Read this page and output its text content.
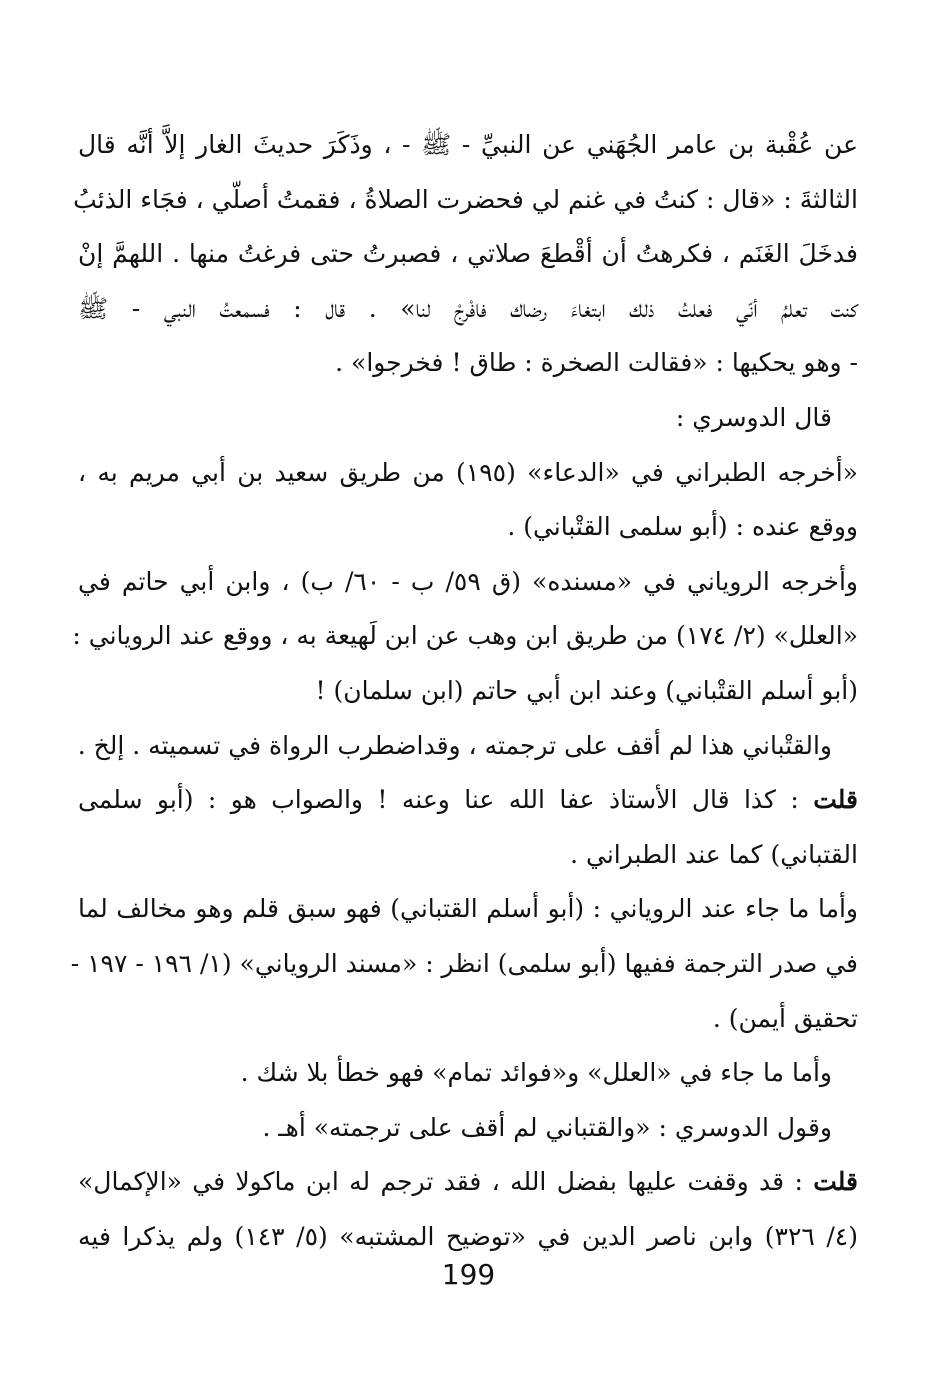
عن عُقْبة بن عامر الجُهَني عن النبيِّ - ﷺ - ، وذَكَرَ حديثَ الغار إلاَّ أنَّه قال
الثالثةَ : «قال : كنتُ في غنم لي فحضرت الصلاةُ ، فقمتُ أصلّي ، فجَاء الذئبُ
فدخَلَ الغَنَم ، فكرهتُ أن أقْطعَ صلاتي ، فصبرتُ حتى فرغتُ منها . اللهمَّ إنْ
كنت تعلمُ أنّي فعلتُ ذلك ابتغاءَ رضاك فافْرجْ لنا» . قال : فسمعتُ النبي - ﷺ
- وهو يحكيها : «فقالت الصخرة : طاق ! فخرجوا» .
قال الدوسري :
«أخرجه الطبراني في «الدعاء» (١٩٥) من طريق سعيد بن أبي مريم به ،
ووقع عنده : (أبو سلمى القتْباني) .
وأخرجه الروياني في «مسنده» (ق ٥٩/ ب - ٦٠/ ب) ، وابن أبي حاتم في
«العلل» (٢/ ١٧٤) من طريق ابن وهب عن ابن لَهيعة به ، ووقع عند الروياني :
(أبو أسلم القتْباني) وعند ابن أبي حاتم (ابن سلمان) !
والقتْباني هذا لم أقف على ترجمته ، وقداضطرب الرواة في تسميته . إلخ .
قلت : كذا قال الأستاذ عفا الله عنا وعنه ! والصواب هو : (أبو سلمى
القتباني) كما عند الطبراني .
وأما ما جاء عند الروياني : (أبو أسلم القتباني) فهو سبق قلم وهو مخالف لما
في صدر الترجمة ففيها (أبو سلمى) انظر : «مسند الروياني» (١/ ١٩٦ - ١٩٧ -
تحقيق أيمن) .
وأما ما جاء في «العلل» و«فوائد تمام» فهو خطأ بلا شك .
وقول الدوسري : «والقتباني لم أقف على ترجمته» أهـ .
قلت : قد وقفت عليها بفضل الله ، فقد ترجم له ابن ماكولا في «الإكمال»
(٤/ ٣٢٦) وابن ناصر الدين في «توضيح المشتبه» (٥/ ١٤٣) ولم يذكرا فيه
199
